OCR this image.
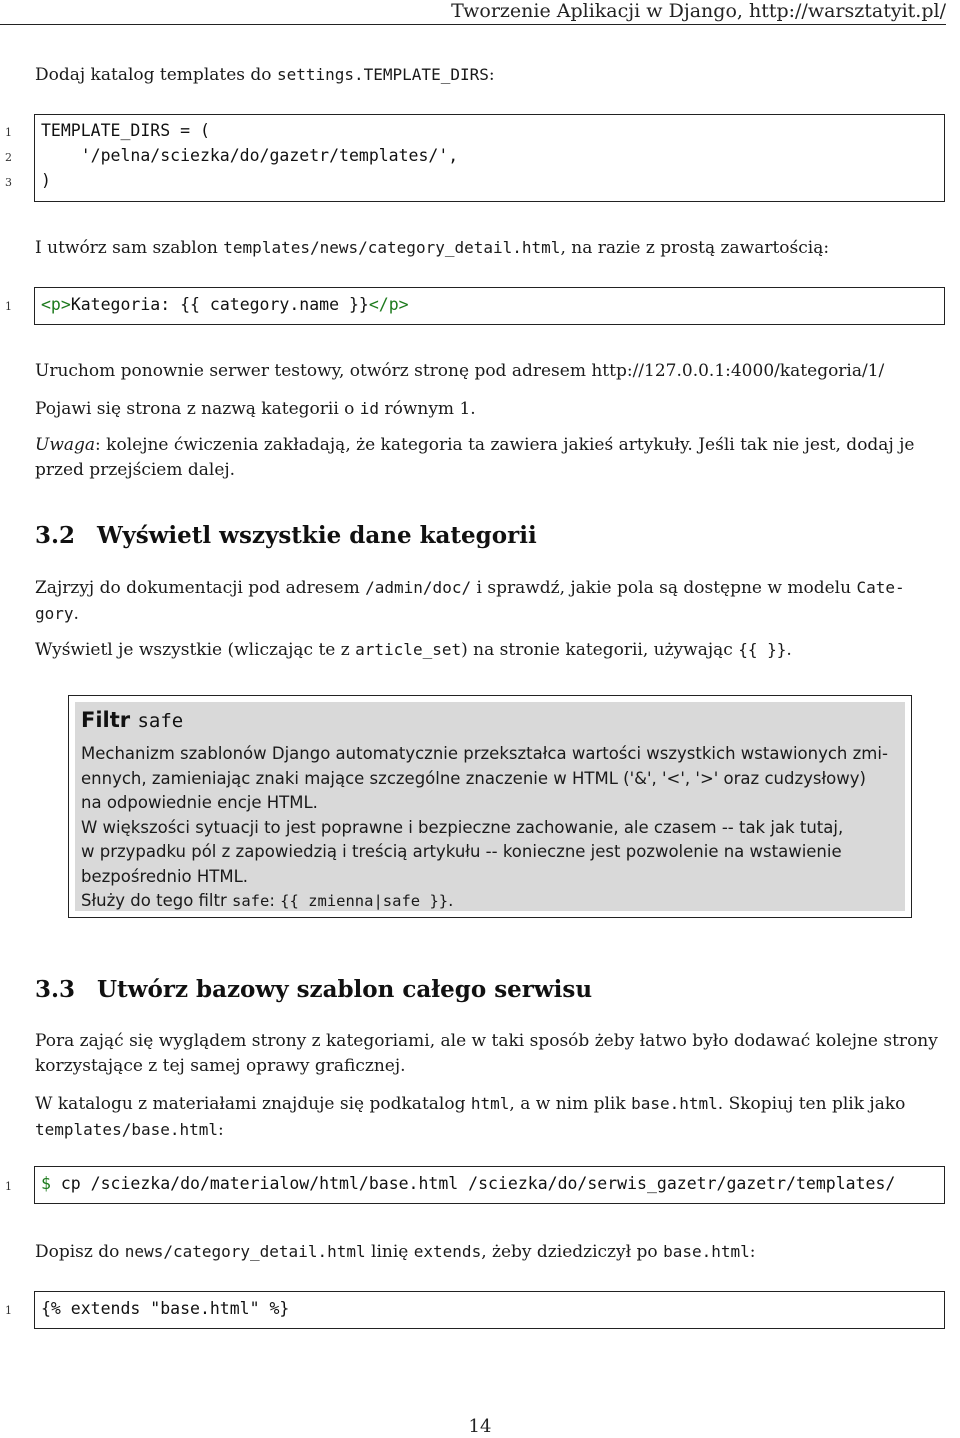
Tworzenie Aplikacji w Django, http://warsztatyit.pl/
Dodaj katalog templates do settings.TEMPLATE_DIRS:
1
2
3
TEMPLATE_DIRS = (
'/pelna/sciezka/do/gazetr/templates/',
)
I utwórz sam szablon templates/news/category_detail.html, na razie z prostą zawartością:
1 <p>Kategoria: {{ category.name }}</p>
Uruchom ponownie serwer testowy, otwórz stronę pod adresem http://127.0.0.1:4000/kategoria/1/
Pojawi się strona z nazwą kategorii o id równym 1.
Uwaga: kolejne ćwiczenia zakładają, że kategoria ta zawiera jakieś artykuły. Jeśli tak nie jest, dodaj je
przed przejściem dalej.
3.2 Wyświetl wszystkie dane kategorii
Zajrzyj do dokumentacji pod adresem /admin/doc/ i sprawdź, jakie pola są dostępne w modelu Cate-
gory.
Wyświetl je wszystkie (wliczając te z article_set) na stronie kategorii, używając {{ }}.
Filtr safe
Mechanizm szablonów Django automatycznie przekształca wartości wszystkich wstawionych zmi-
ennych, zamieniając znaki mające szczególne znaczenie w HTML ('&', '<', '>' oraz cudzysłowy)
na odpowiednie encje HTML.
W większości sytuacji to jest poprawne i bezpieczne zachowanie, ale czasem -- tak jak tutaj,
w przypadku pól z zapowiedzią i treścią artykułu -- konieczne jest pozwolenie na wstawienie
bezpośrednio HTML.
Służy do tego filtr safe: {{ zmienna|safe }}.
3.3 Utwórz bazowy szablon całego serwisu
Pora zająć się wyglądem strony z kategoriami, ale w taki sposób żeby łatwo było dodawać kolejne strony
korzystające z tej samej oprawy graficznej.
W katalogu z materiałami znajduje się podkatalog html, a w nim plik base.html. Skopiuj ten plik jako
templates/base.html:
1 $ cp /sciezka/do/materialow/html/base.html /sciezka/do/serwis_gazetr/gazetr/templates/
Dopisz do news/category_detail.html linię extends, żeby dziedziczył po base.html:
1 {% extends "base.html" %}
14
